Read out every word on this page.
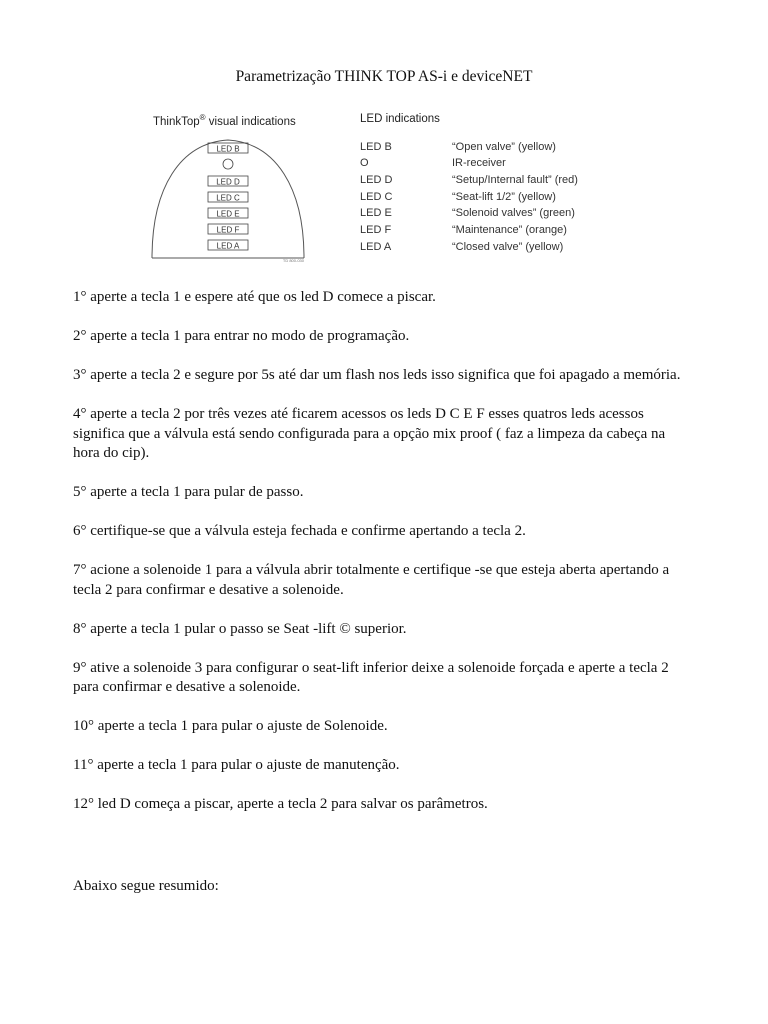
Parametrização THINK TOP AS-i e deviceNET
ThinkTop® visual indications	LED indications
LED B
LED D
LED C
LED E
LED F
LED A
TD 800-030
LED B	“Open valve” (yellow)
O	IR-receiver
LED D	“Setup/Internal fault” (red)
LED C	“Seat-lift 1/2” (yellow)
LED E	“Solenoid valves” (green)
LED F	“Maintenance” (orange)
LED A	“Closed valve” (yellow)

1° aperte a tecla 1 e espere até que os led D comece a piscar.

2° aperte a tecla 1 para entrar no modo de programação.

3° aperte a tecla 2 e segure por 5s até dar um flash nos leds isso significa que foi apagado a memória.

4° aperte a tecla 2 por três vezes até ficarem acessos os leds D C E F esses quatros leds acessos significa que a válvula está sendo configurada para a opção mix proof ( faz a limpeza da cabeça na hora do cip).

5° aperte a tecla 1 para pular de passo.

6° certifique-se que a válvula esteja fechada e confirme apertando a tecla 2.

7° acione a solenoide 1 para a válvula abrir totalmente e certifique -se que esteja aberta apertando a tecla 2 para confirmar e desative a solenoide.

8° aperte a tecla 1 pular o passo se Seat -lift © superior.

9° ative a solenoide 3 para configurar o seat-lift inferior deixe a solenoide forçada e aperte a tecla 2 para confirmar e desative a solenoide.

10° aperte a tecla 1 para pular o ajuste de Solenoide.

11° aperte a tecla 1 para pular o ajuste de manutenção.

12° led D começa a piscar, aperte a tecla 2 para salvar os parâmetros.

Abaixo segue resumido:
